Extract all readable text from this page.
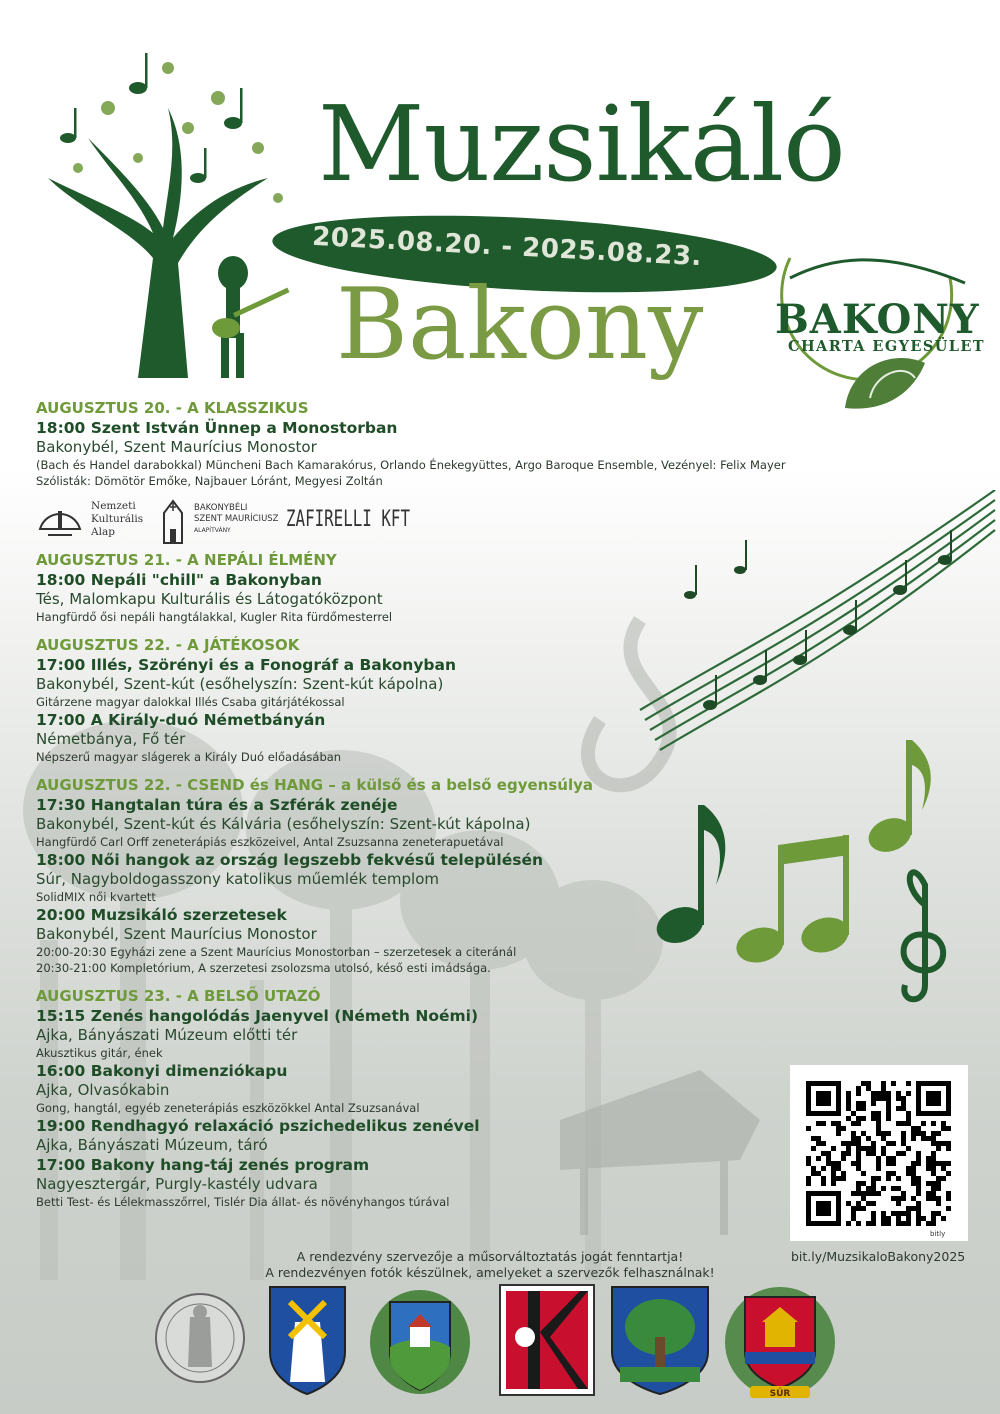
Muzsikáló
2025.08.20. - 2025.08.23.
Bakony BAKONY
CHARTA EGYESÜLET
AUGUSZTUS 20. - A KLASSZIKUS
18:00 Szent István Ünnep a Monostorban
Bakonybél, Szent Maurícius Monostor
(Bach és Handel darabokkal) Müncheni Bach Kamarakórus, Orlando Énekegyüttes, Argo Baroque Ensemble, Vezényel: Felix Mayer
Szólisták: Dömötör Emőke, Najbauer Lóránt, Megyesi Zoltán
Nemzeti
Kulturális
Alap
BAKONYBÉLI
SZENT MAURÍCIUSZ
ALAPÍTVÁNY	ZAFIRELLI KFT
AUGUSZTUS 21. - A NEPÁLI ÉLMÉNY
18:00 Nepáli "chill" a Bakonyban
Tés, Malomkapu Kulturális és Látogatóközpont
Hangfürdő ősi nepáli hangtálakkal, Kugler Rita fürdőmesterrel
AUGUSZTUS 22. - A JÁTÉKOSOK
17:00 Illés, Szörényi és a Fonográf a Bakonyban
Bakonybél, Szent-kút (esőhelyszín: Szent-kút kápolna)
Gitárzene magyar dalokkal Illés Csaba gitárjátékossal
17:00 A Király-duó Németbányán
Németbánya, Fő tér
Népszerű magyar slágerek a Király Duó előadásában
AUGUSZTUS 22. - CSEND és HANG – a külső és a belső egyensúlya
17:30 Hangtalan túra és a Szférák zenéje
Bakonybél, Szent-kút és Kálvária (esőhelyszín: Szent-kút kápolna)
Hangfürdő Carl Orff zeneterápiás eszközeivel, Antal Zsuzsanna zeneterapuetával
18:00 Női hangok az ország legszebb fekvésű településén
Súr, Nagyboldogasszony katolikus műemlék templom
SolidMIX női kvartett
20:00 Muzsikáló szerzetesek
Bakonybél, Szent Maurícius Monostor
20:00-20:30 Egyházi zene a Szent Maurícius Monostorban – szerzetesek a citeránál
20:30-21:00 Kompletórium, A szerzetesi zsolozsma utolsó, késő esti imádsága.
AUGUSZTUS 23. - A BELSŐ UTAZÓ
15:15 Zenés hangolódás Jaenyvel (Németh Noémi)
Ajka, Bányászati Múzeum előtti tér
Akusztikus gitár, ének
16:00 Bakonyi dimenziókapu
Ajka, Olvasókabin
Gong, hangtál, egyéb zeneterápiás eszközökkel Antal Zsuzsanával
19:00 Rendhagyó relaxáció pszichedelikus zenével
Ajka, Bányászati Múzeum, táró
17:00 Bakony hang-táj zenés program
Nagyesztergár, Purgly-kastély udvara
Betti Test- és Lélekmasszőrrel, Tislér Dia állat- és növényhangos túrával
bitly
bit.ly/MuzsikaloBakony2025
A rendezvény szervezője a műsorváltoztatás jogát fenntartja!
A rendezvényen fotók készülnek, amelyeket a szervezők felhasználnak!
SÚR
